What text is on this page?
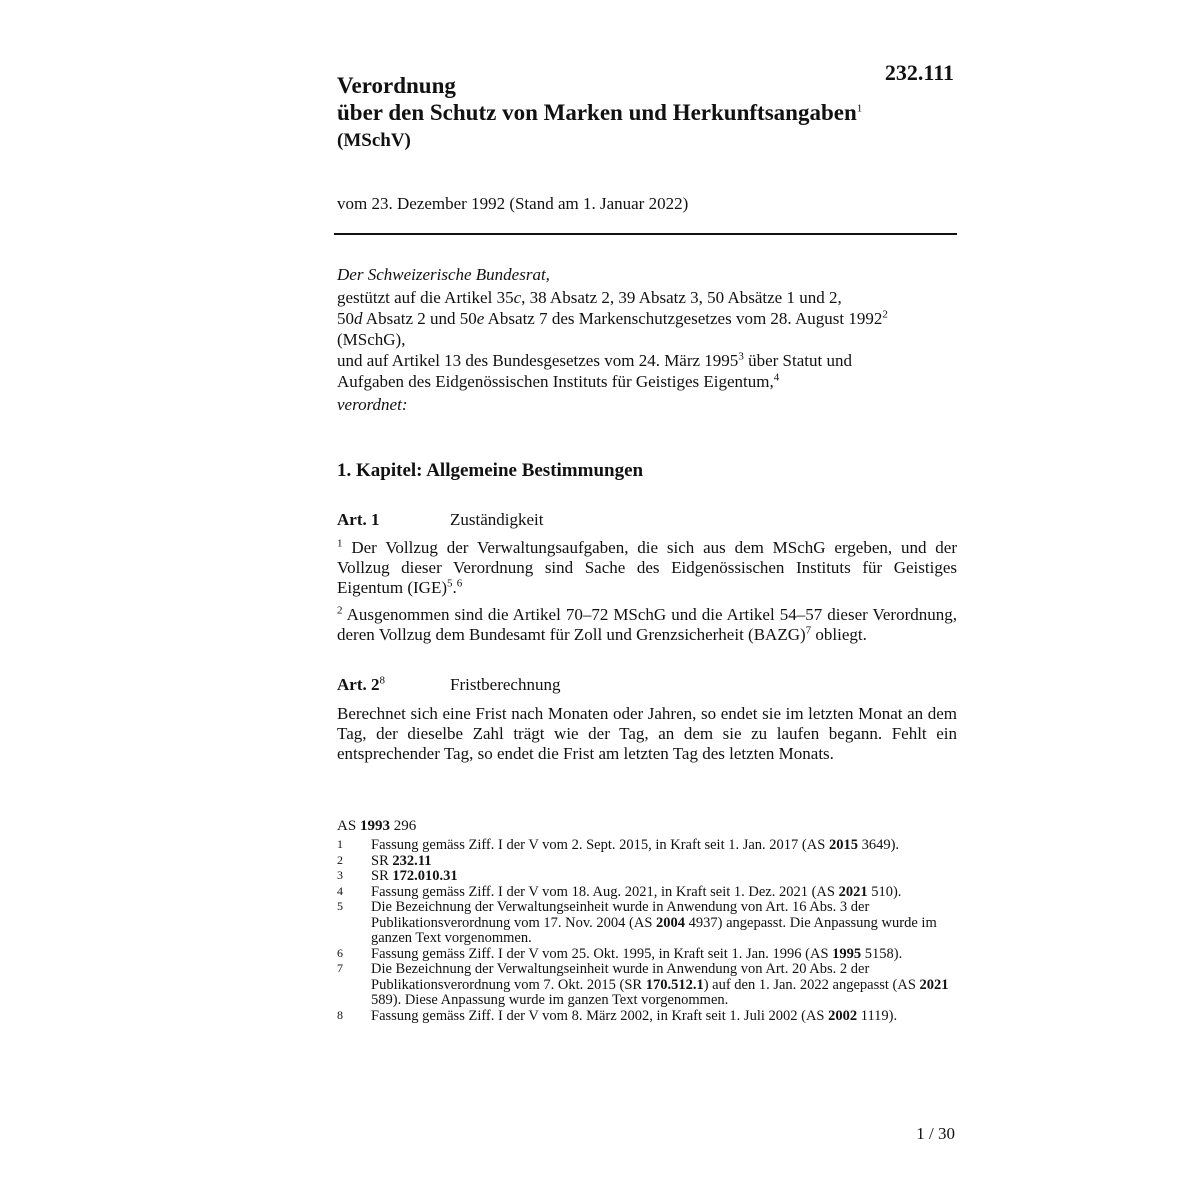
232.111
Verordnung
über den Schutz von Marken und Herkunftsangaben$^1$
(MSchV)
vom 23. Dezember 1992 (Stand am 1. Januar 2022)

Der Schweizerische Bundesrat,

gestützt auf die Artikel 35c, 38 Absatz 2, 39 Absatz 3, 50 Absätze 1 und 2,

50d Absatz 2 und 50e Absatz 7 des Markenschutzgesetzes vom 28. August 1992$^2$

(MSchG),

und auf Artikel 13 des Bundesgesetzes vom 24. März 1995$^3$ über Statut und

Aufgaben des Eidgenössischen Instituts für Geistiges Eigentum,$^4$

verordnet:

1. Kapitel: Allgemeine Bestimmungen
Art. 1	Zuständigkeit

$^1$ Der Vollzug der Verwaltungsaufgaben, die sich aus dem MSchG ergeben, und der Vollzug dieser Verordnung sind Sache des Eidgenössischen Instituts für Geistiges Eigentum (IGE)$^5$.$^6$

$^2$ Ausgenommen sind die Artikel 70–72 MSchG und die Artikel 54–57 dieser Verordnung, deren Vollzug dem Bundesamt für Zoll und Grenzsicherheit (BAZG)$^7$ obliegt.

Art. $2^8$	Fristberechnung

Berechnet sich eine Frist nach Monaten oder Jahren, so endet sie im letzten Monat an dem Tag, der dieselbe Zahl trägt wie der Tag, an dem sie zu laufen begann. Fehlt ein entsprechender Tag, so endet die Frist am letzten Tag des letzten Monats.

AS 1993 296
1	Fassung gemäss Ziff. I der V vom 2. Sept. 2015, in Kraft seit 1. Jan. 2017 (AS 2015 3649).
2	SR 232.11
3	SR 172.010.31
4	Fassung gemäss Ziff. I der V vom 18. Aug. 2021, in Kraft seit 1. Dez. 2021 (AS 2021 510).
5	Die Bezeichnung der Verwaltungseinheit wurde in Anwendung von Art. 16 Abs. 3 der Publikationsverordnung vom 17. Nov. 2004 (AS 2004 4937) angepasst. Die Anpassung wurde im ganzen Text vorgenommen.
6	Fassung gemäss Ziff. I der V vom 25. Okt. 1995, in Kraft seit 1. Jan. 1996 (AS 1995 5158).
7	Die Bezeichnung der Verwaltungseinheit wurde in Anwendung von Art. 20 Abs. 2 der Publikationsverordnung vom 7. Okt. 2015 (SR 170.512.1) auf den 1. Jan. 2022 angepasst (AS 2021 589). Diese Anpassung wurde im ganzen Text vorgenommen.
8	Fassung gemäss Ziff. I der V vom 8. März 2002, in Kraft seit 1. Juli 2002 (AS 2002 1119).
1 / 30
